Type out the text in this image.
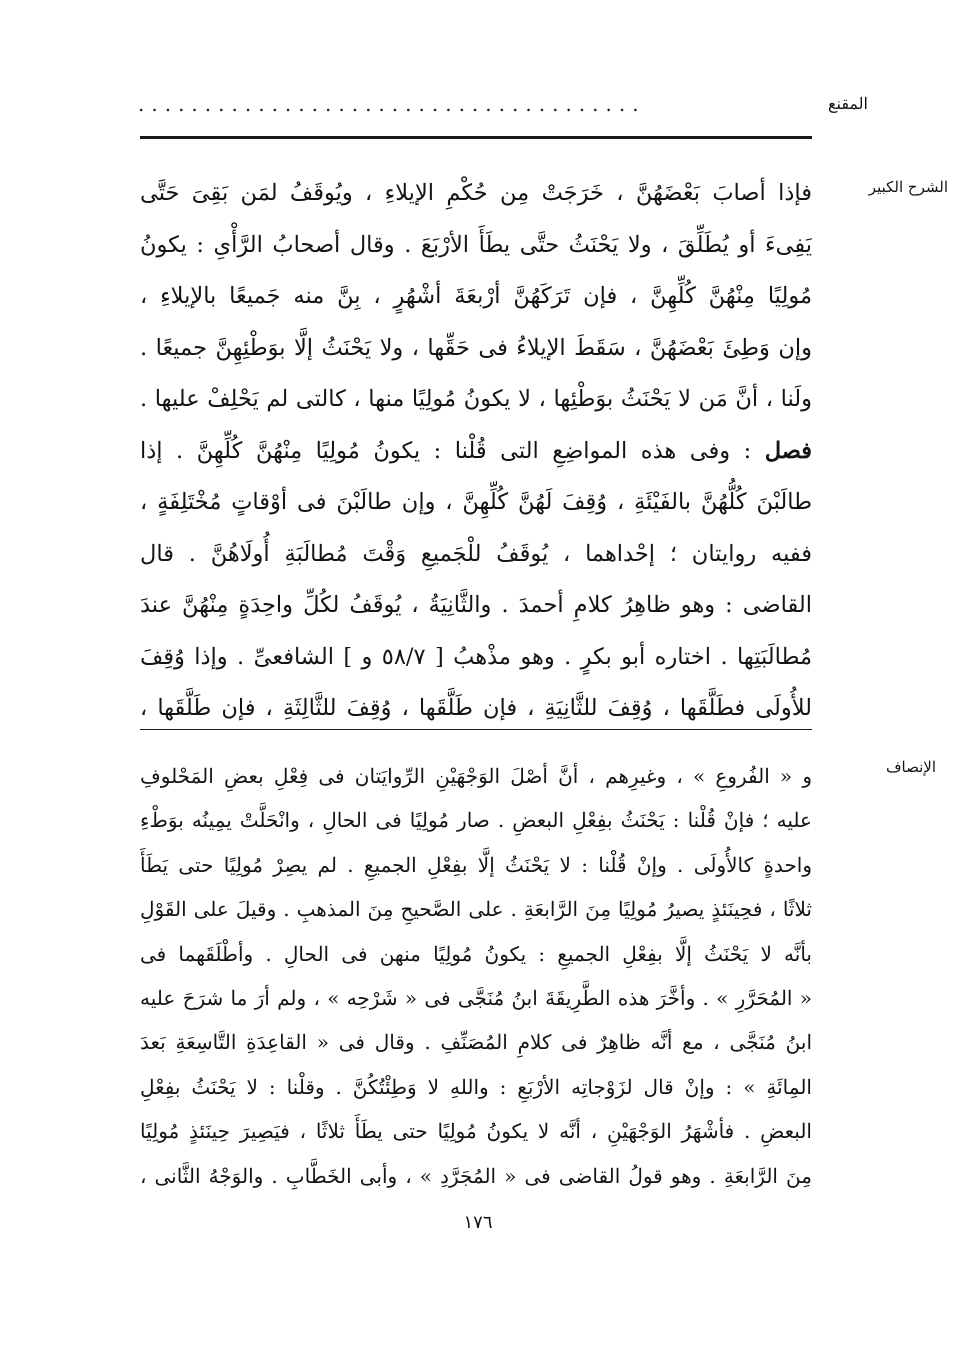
المقنع
......................................
الشرح الكبير
فإذا أصابَ بَعْضَهُنَّ ، خَرَجَتْ مِن حُكْمِ الإيلاءِ ، ويُوقَفُ لمَن بَقِىَ حَتَّى
يَفِىءَ أو يُطَلِّقَ ، ولا يَحْنَثُ حتَّى يطَأَ الأرْبَعَ . وقال أصحابُ الرَّأْىِ : يكونُ
مُولِيًا مِنْهُنَّ كُلِّهِنَّ ، فإن تَرَكَهُنَّ أرْبعَةَ أشْهُرٍ ، بِنَّ منه جَميعًا بالإيلاءِ ،
وإن وَطِئَ بَعْضَهُنَّ ، سَقَطَ الإيلاءُ فى حَقِّها ، ولا يَحْنَثُ إلَّا بوَطْئِهِنَّ جميعًا .
ولَنا ، أنَّ مَن لا يَحْنَثُ بوَطْئِها ، لا يكونُ مُولِيًا منها ، كالتى لم يَحْلِفْ عليها .
فصل : وفى هذه المواضِعِ التى قُلْنا : يكونُ مُولِيًا مِنْهُنَّ كُلِّهِنَّ . إذا
طالَبْنَ كُلُّهُنَّ بالفَيْئَةِ ، وُقِفَ لَهُنَّ كُلِّهِنَّ ، وإن طالَبْنَ فى أوْقاتٍ مُخْتَلِفَةٍ ،
ففيه روايتان ؛ إحْداهما ، يُوقَفُ للْجَميعِ وَقْتَ مُطالَبَةِ أُولَاهُنَّ . قال
القاضى : وهو ظاهِرُ كلامِ أحمدَ . والثَّانِيَةُ ، يُوقَفُ لكُلِّ واحِدَةٍ مِنْهُنَّ عندَ
مُطالَبَتِها . اختاره أبو بكرٍ . وهو مذْهبُ [ ٥٨/٧ و ] الشافعىِّ . وإذا وُقِفَ
للأُولَى فطَلَّقَها ، وُقِفَ للثَّانِيَةِ ، فإن طَلَّقَها ، وُقِفَ للثَّالِثَةِ ، فإن طَلَّقَها ،
الإنصاف
و « الفُروعِ » ، وغيرِهم ، أنَّ أصْلَ الوَجْهَيْنِ الرِّوايَتان فى فِعْلِ بعضِ المَحْلوفِ
عليه ؛ فإنْ قُلْنا : يَحْنَثُ بفِعْلِ البعضِ . صار مُولِيًا فى الحالِ ، وانْحَلَّتْ يمِينُه بوَطْءِ
واحدةٍ كالأُولَى . وإنْ قُلْنا : لا يَحْنَثُ إلَّا بفِعْلِ الجميعِ . لم يصِرْ مُولِيًا حتى يَطَأَ
ثلاثًا ، فحِينَئذٍ يصيرُ مُولِيًا مِنَ الرَّابعَةِ . على الصَّحيحِ مِنَ المذهبِ . وقيلَ على القَوْلِ
بأنَّه لا يَحْنَثُ إلَّا بفِعْلِ الجميعِ : يكونُ مُولِيًا منهن فى الحالِ . وأطْلَقَهما فى
« المُحَرَّرِ » . وأخَّرَ هذه الطَّرِيقَةَ ابنُ مُنَجَّى فى « شَرْحِه » ، ولم أرَ ما شرَحَ عليه
ابنُ مُنَجَّى ، مع أنَّه ظاهِرٌ فى كلامِ المُصَنِّفِ . وقال فى « القاعِدَةِ التَّاسِعَةِ بَعدَ
المِائَةِ » : وإنْ قال لزَوْجاتِه الأرْبَعِ : واللهِ لا وَطِئْتُكُنَّ . وقلْنا : لا يَحْنَثُ بفِعْلِ
البعضِ . فأشْهَرُ الوَجْهَيْنِ ، أنَّه لا يكونُ مُولِيًا حتى يطَأَ ثلاثًا ، فيَصِيرَ حِينَئذٍ مُولِيًا
مِنَ الرَّابعَةِ . وهو قولُ القاضى فى « المُجَرَّدِ » ، وأبى الخَطَّابِ . والوَجْهُ الثَّانى ،
١٧٦
